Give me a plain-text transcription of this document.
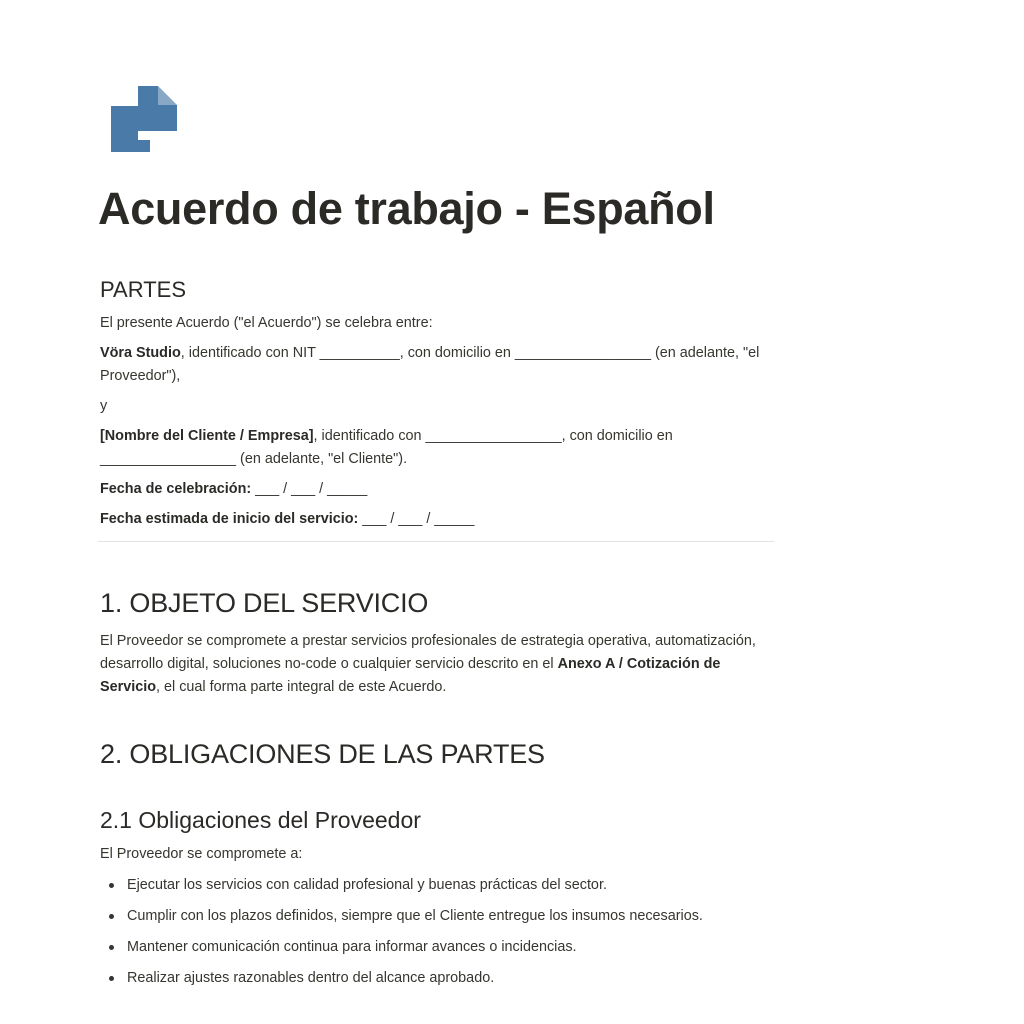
Acuerdo de trabajo - Español
PARTES

El presente Acuerdo ("el Acuerdo") se celebra entre:

Vöra Studio, identificado con NIT __________, con domicilio en _________________ (en adelante, "el Proveedor"),

y

[Nombre del Cliente / Empresa], identificado con _________________, con domicilio en _________________ (en adelante, "el Cliente").

Fecha de celebración: ___ / ___ / _____

Fecha estimada de inicio del servicio: ___ / ___ / _____

1. OBJETO DEL SERVICIO

El Proveedor se compromete a prestar servicios profesionales de estrategia operativa, automatización, desarrollo digital, soluciones no-code o cualquier servicio descrito en el Anexo A / Cotización de Servicio, el cual forma parte integral de este Acuerdo.

2. OBLIGACIONES DE LAS PARTES
2.1 Obligaciones del Proveedor

El Proveedor se compromete a:

Ejecutar los servicios con calidad profesional y buenas prácticas del sector.
Cumplir con los plazos definidos, siempre que el Cliente entregue los insumos necesarios.
Mantener comunicación continua para informar avances o incidencias.
Realizar ajustes razonables dentro del alcance aprobado.
